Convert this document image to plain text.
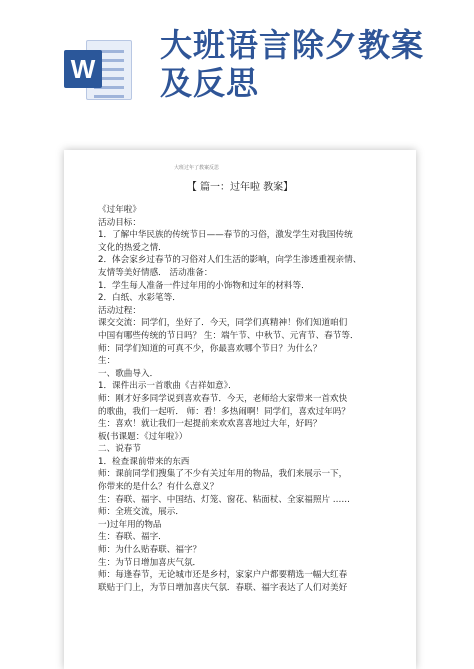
W
大班语言除夕教案
及反思
大班过年了教案反思
【 篇一：过年啦 教案】
《过年啦》
活动目标：
1．了解中华民族的传统节日——春节的习俗，激发学生对我国传统
文化的热爱之情．
2．体会家乡过春节的习俗对人们生活的影响，向学生渗透重视亲情、
友情等美好情感． 活动准备：
1．学生每人准备一件过年用的小饰物和过年的材料等．
2．白纸、水彩笔等．
活动过程：
课交交流：同学们，坐好了．今天，同学们真精神！你们知道咱们
中国有哪些传统的节日吗？ 生：端午节、中秋节、元宵节、春节等．
师：同学们知道的可真不少，你最喜欢哪个节日？为什么？
生：
一、歌曲导入．
1．课件出示一首歌曲《吉祥如意》．
师：刚才好多同学说到喜欢春节．今天，老师给大家带来一首欢快
的歌曲，我们一起听． 师：看！多热闹啊！同学们，喜欢过年吗？
生：喜欢！就让我们一起提前来欢欢喜喜地过大年，好吗？
板(书课题：《过年啦》）
二、说春节
1．检查课前带来的东西
师：课前同学们搜集了不少有关过年用的物品，我们来展示一下，
你带来的是什么？有什么意义？
生：春联、福字、中国结、灯笼、窗花、粘面杖、全家福照片 ……
师：全班交流，展示．
一)过年用的物品
生：春联、福字．
师：为什么贴春联、福字？
生：为节日增加喜庆气氛．
师：每逢春节，无论城市还是乡村，家家户户都要精选一幅大红春
联贴于门上，为节日增加喜庆气氛．春联、福字表达了人们对美好
